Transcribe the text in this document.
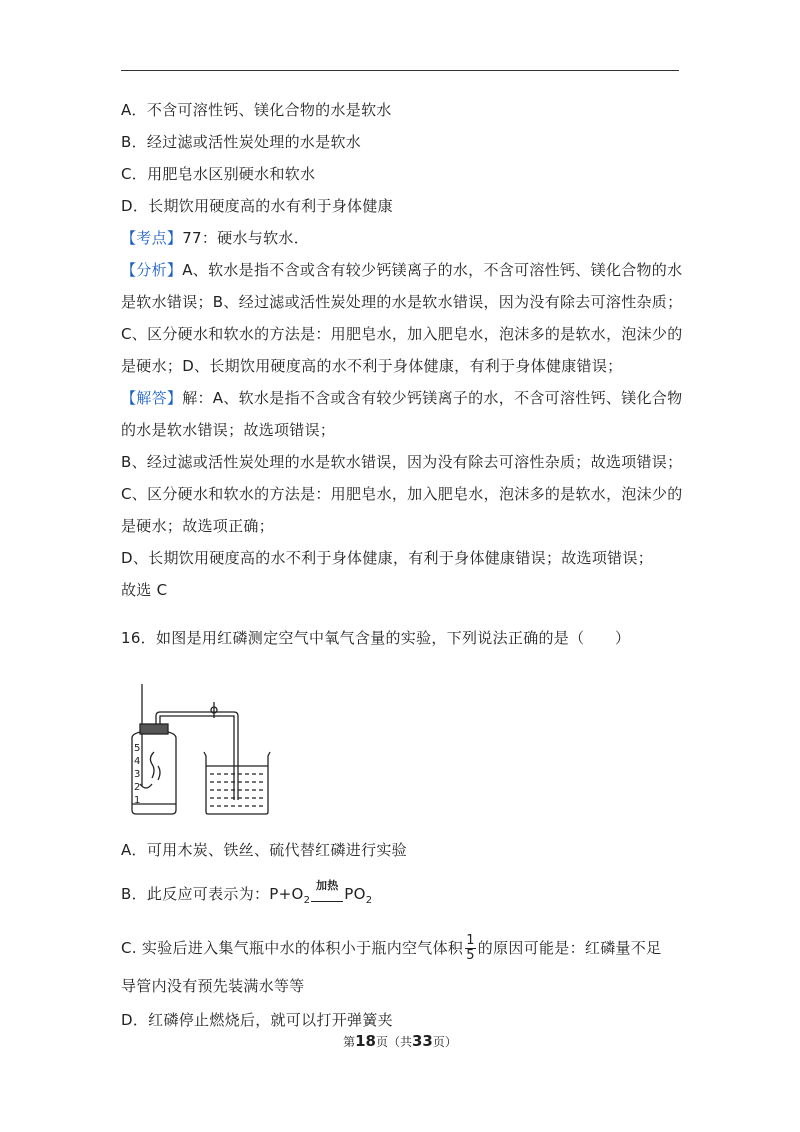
A．不含可溶性钙、镁化合物的水是软水
B．经过滤或活性炭处理的水是软水
C．用肥皂水区别硬水和软水
D．长期饮用硬度高的水有利于身体健康
【考点】77：硬水与软水．
【分析】A、软水是指不含或含有较少钙镁离子的水，不含可溶性钙、镁化合物的水
是软水错误；B、经过滤或活性炭处理的水是软水错误，因为没有除去可溶性杂质；
C、区分硬水和软水的方法是：用肥皂水，加入肥皂水，泡沫多的是软水，泡沫少的
是硬水；D、长期饮用硬度高的水不利于身体健康，有利于身体健康错误；
【解答】解：A、软水是指不含或含有较少钙镁离子的水，不含可溶性钙、镁化合物
的水是软水错误；故选项错误；
B、经过滤或活性炭处理的水是软水错误，因为没有除去可溶性杂质；故选项错误；
C、区分硬水和软水的方法是：用肥皂水，加入肥皂水，泡沫多的是软水，泡沫少的
是硬水；故选项正确；
D、长期饮用硬度高的水不利于身体健康，有利于身体健康错误；故选项错误；
故选 C
16．如图是用红磷测定空气中氧气含量的实验，下列说法正确的是（　　）
5
4
3
2
1
A．可用木炭、铁丝、硫代替红磷进行实验
B．此反应可表示为：$P+O_2$
加热 $PO_2$
C. 实验后进入集气瓶中水的体积小于瓶内空气体积 $\frac{1}{5}$ 的原因可能是：红磷量不足
导管内没有预先装满水等等
D．红磷停止燃烧后，就可以打开弹簧夹
第18页（共33页）
